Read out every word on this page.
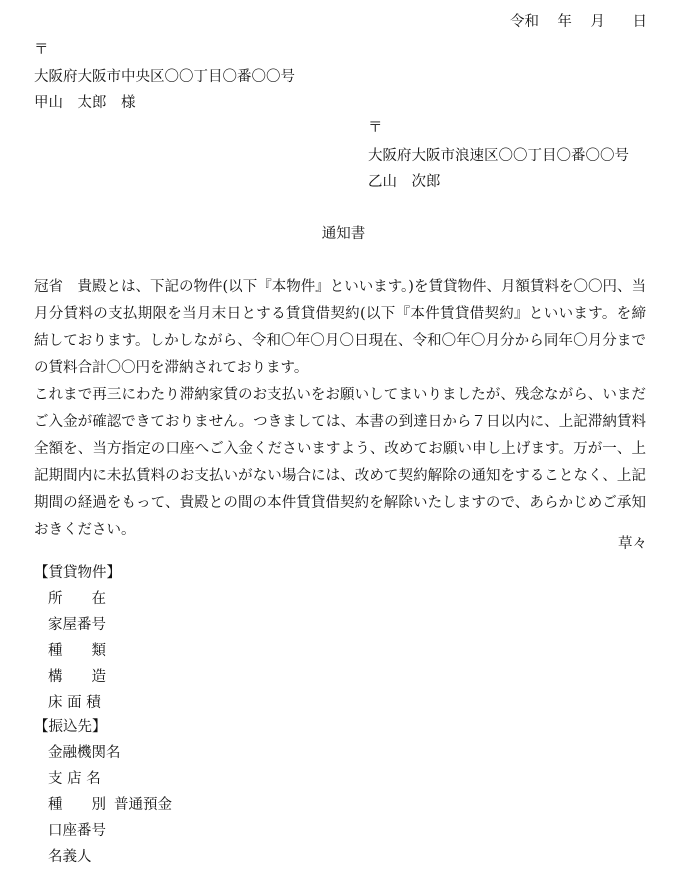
令和 年 月 日
〒
大阪府大阪市中央区〇〇丁目〇番〇〇号
甲山　太郎　様
〒
大阪府大阪市浪速区〇〇丁目〇番〇〇号
乙山　次郎
通知書

冠省　貴殿とは、下記の物件(以下『本物件』といいます。)を賃貸物件、月額賃料を〇〇円、当月分賃料の支払期限を当月末日とする賃貸借契約(以下『本件賃貸借契約』といいます。を締結しております。しかしながら、令和〇年〇月〇日現在、令和〇年〇月分から同年〇月分までの賃料合計〇〇円を滞納されております。

これまで再三にわたり滞納家賃のお支払いをお願いしてまいりましたが、残念ながら、いまだご入金が確認できておりません。つきましては、本書の到達日から７日以内に、上記滞納賃料全額を、当方指定の口座へご入金くださいますよう、改めてお願い申し上げます。万が一、上記期間内に未払賃料のお支払いがない場合には、改めて契約解除の通知をすることなく、上記期間の経過をもって、貴殿との間の本件賃貸借契約を解除いたしますので、あらかじめご承知おきください。

草々
【賃貸物件】
所　　在
家屋番号
種　　類
構　　造
床 面 積
【振込先】
金融機関名
支 店 名
種　　別 普通預金
口座番号
名義人
